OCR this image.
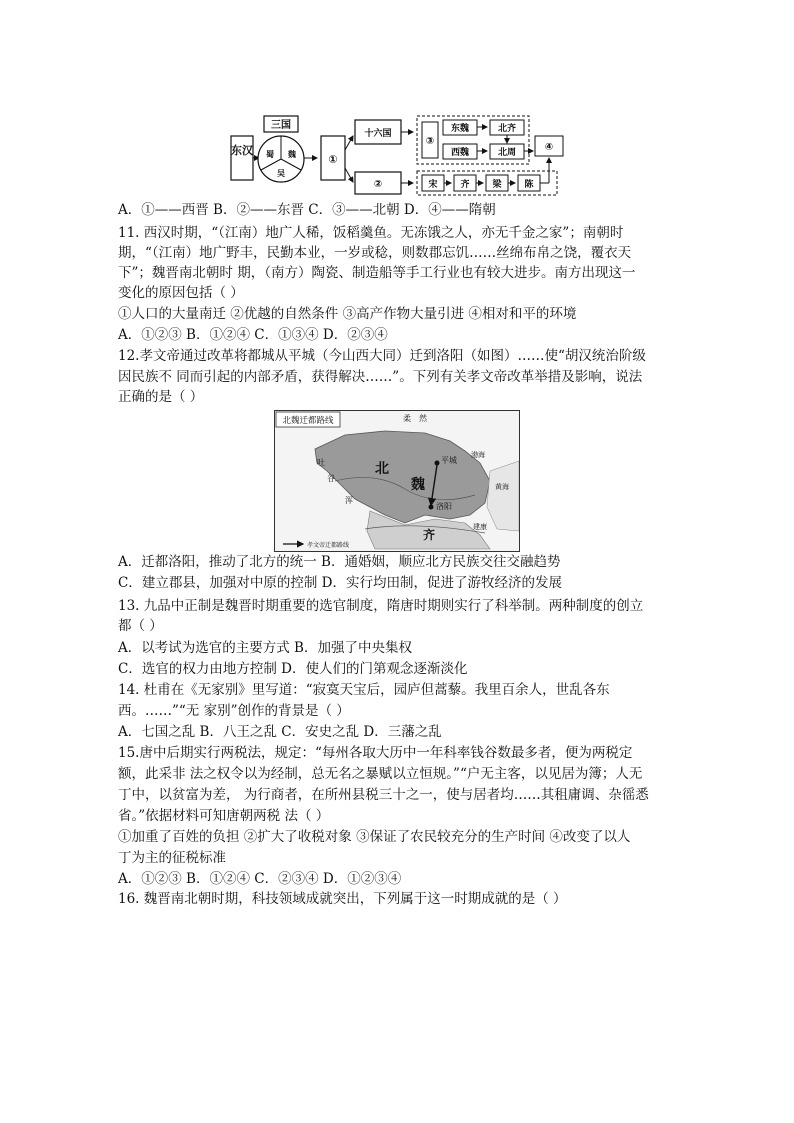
东汉
三国
蜀 魏
吴
①
十六国
②
③
东魏	北齐
西魏	北周	④
宋	齐	梁	陈
A．①——西晋 B．②——东晋 C．③——北朝 D．④——隋朝
11. 西汉时期，“（江南）地广人稀，饭稻羹鱼。无冻饿之人，亦无千金之家”；南朝时
期，“（江南）地广野丰，民勤本业，一岁或稔，则数郡忘饥……丝绵布帛之饶，覆衣天
下”；魏晋南北朝时 期，（南方）陶瓷、制造船等手工行业也有较大进步。南方出现这一
变化的原因包括（ ）
①人口的大量南迁 ②优越的自然条件 ③高产作物大量引进 ④相对和平的环境
A．①②③ B．①②④ C．①③④ D．②③④
12.孝文帝通过改革将都城从平城（今山西大同）迁到洛阳（如图）……使“胡汉统治阶级
因民族不 同而引起的内部矛盾，获得解决……”。下列有关孝文帝改革举措及影响，说法
正确的是（ ）
北魏迁都路线	柔　然
北
魏
平城
洛阳
吐
谷
浑
齐
建康
黄海
渤海
孝文帝迁都路线
A．迁都洛阳，推动了北方的统一 B．通婚姻，顺应北方民族交往交融趋势
C．建立郡县，加强对中原的控制 D．实行均田制，促进了游牧经济的发展
13. 九品中正制是魏晋时期重要的选官制度，隋唐时期则实行了科举制。两种制度的创立
都（ ）
A．以考试为选官的主要方式 B．加强了中央集权
C．选官的权力由地方控制 D．使人们的门第观念逐渐淡化
14. 杜甫在《无家别》里写道：“寂寞天宝后，园庐但蒿藜。我里百余人，世乱各东
西。……”“无 家别”创作的背景是（ ）
A．七国之乱 B．八王之乱 C．安史之乱 D．三藩之乱
15.唐中后期实行两税法，规定：“每州各取大历中一年科率钱谷数最多者，便为两税定
额，此采非 法之权令以为经制，总无名之暴赋以立恒规。”“户无主客，以见居为簿；人无
丁中，以贫富为差， 为行商者，在所州县税三十之一，使与居者均……其租庸调、杂徭悉
省。”依据材料可知唐朝两税 法（ ）
①加重了百姓的负担 ②扩大了收税对象 ③保证了农民较充分的生产时间 ④改变了以人
丁为主的征税标准
A．①②③ B．①②④ C．②③④ D．①②③④
16. 魏晋南北朝时期，科技领域成就突出，下列属于这一时期成就的是（ ）
